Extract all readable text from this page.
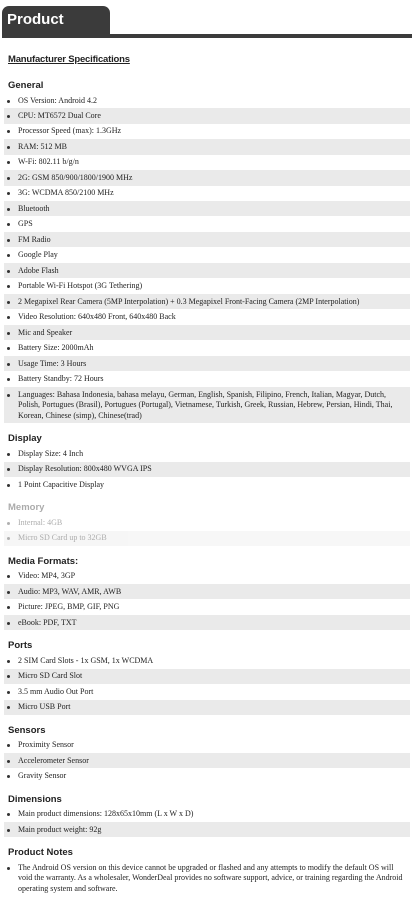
Product Details
Manufacturer Specifications
General
OS Version: Android 4.2
CPU: MT6572 Dual Core
Processor Speed (max): 1.3GHz
RAM: 512 MB
W-Fi: 802.11 b/g/n
2G: GSM 850/900/1800/1900 MHz
3G: WCDMA 850/2100 MHz
Bluetooth
GPS
FM Radio
Google Play
Adobe Flash
Portable Wi-Fi Hotspot (3G Tethering)
2 Megapixel Rear Camera (5MP Interpolation) + 0.3 Megapixel Front-Facing Camera (2MP Interpolation)
Video Resolution: 640x480 Front, 640x480 Back
Mic and Speaker
Battery Size: 2000mAh
Usage Time: 3 Hours
Battery Standby: 72 Hours
Languages: Bahasa Indonesia, bahasa melayu, German, English, Spanish, Filipino, French, Italian, Magyar, Dutch, Polish, Portugues (Brasil), Portugues (Portugal), Vietnamese, Turkish, Greek, Russian, Hebrew, Persian, Hindi, Thai, Korean, Chinese (simp), Chinese(trad)
Display
Display Size: 4 Inch
Display Resolution: 800x480 WVGA IPS
1 Point Capacitive Display
Memory
Internal: 4GB
Micro SD Card up to 32GB
Media Formats:
Video: MP4, 3GP
Audio: MP3, WAV, AMR, AWB
Picture: JPEG, BMP, GIF, PNG
eBook: PDF, TXT
Ports
2 SIM Card Slots - 1x GSM, 1x WCDMA
Micro SD Card Slot
3.5 mm Audio Out Port
Micro USB Port
Sensors
Proximity Sensor
Accelerometer Sensor
Gravity Sensor
Dimensions
Main product dimensions: 128x65x10mm (L x W x D)
Main product weight: 92g
Product Notes
The Android OS version on this device cannot be upgraded or flashed and any attempts to modify the default OS will void the warranty. As a wholesaler, WonderDeal provides no software support, advice, or training regarding the Android operating system and software.
